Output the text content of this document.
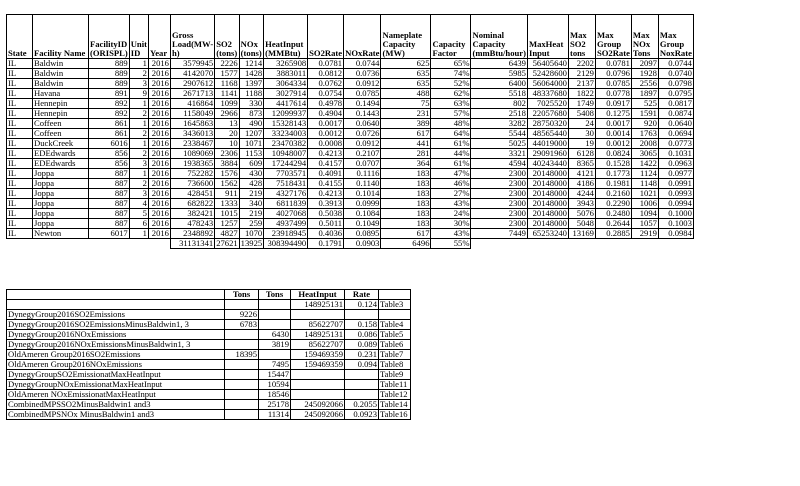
State	Facility Name	FacilityID (ORISPL)	Unit ID	Year	Gross Load(MW-h)	SO2 (tons)	NOx (tons)	HeatInput (MMBtu)	SO2Rate	NOxRate	Nameplate Capacity (MW)	Capacity Factor	Nominal Capacity (mmBtu/hour)	MaxHeat Input	Max SO2 tons	Max Group SO2Rate	Max NOx Tons	Max Group NoxRate
IL	Baldwin	889	1	2016	3579945	2226	1214	3265908	0.0781	0.0744	625	65%	6439	56405640	2202	0.0781	2097	0.0744
IL	Baldwin	889	2	2016	4142070	1577	1428	3883011	0.0812	0.0736	635	74%	5985	52428600	2129	0.0796	1928	0.0740
IL	Baldwin	889	3	2016	2907612	1168	1397	3064334	0.0762	0.0912	635	52%	6400	56064000	2137	0.0785	2556	0.0798
IL	Havana	891	9	2016	2671713	1141	1188	3027914	0.0754	0.0785	488	62%	5518	48337680	1822	0.0778	1897	0.0795
IL	Hennepin	892	1	2016	416864	1099	330	4417614	0.4978	0.1494	75	63%	802	7025520	1749	0.0917	525	0.0817
IL	Hennepin	892	2	2016	1158049	2966	873	12099937	0.4904	0.1443	231	57%	2518	22057680	5408	0.1275	1591	0.0874
IL	Coffeen	861	1	2016	1645863	13	490	15328143	0.0017	0.0640	389	48%	3282	28750320	24	0.0017	920	0.0640
IL	Coffeen	861	2	2016	3436013	20	1207	33234003	0.0012	0.0726	617	64%	5544	48565440	30	0.0014	1763	0.0694
IL	DuckCreek	6016	1	2016	2338467	10	1071	23470382	0.0008	0.0912	441	61%	5025	44019000	19	0.0012	2008	0.0773
IL	EDEdwards	856	2	2016	1089069	2306	1153	10948007	0.4213	0.2107	281	44%	3321	29091960	6128	0.0824	3065	0.1031
IL	EDEdwards	856	3	2016	1938365	3884	609	17244294	0.4157	0.0707	364	61%	4594	40243440	8365	0.1528	1422	0.0963
IL	Joppa	887	1	2016	752282	1576	430	7703571	0.4091	0.1116	183	47%	2300	20148000	4121	0.1773	1124	0.0977
IL	Joppa	887	2	2016	736600	1562	428	7518431	0.4155	0.1140	183	46%	2300	20148000	4186	0.1981	1148	0.0991
IL	Joppa	887	3	2016	428451	911	219	4327176	0.4213	0.1014	183	27%	2300	20148000	4244	0.2160	1021	0.0993
IL	Joppa	887	4	2016	682822	1333	340	6811839	0.3913	0.0999	183	43%	2300	20148000	3943	0.2290	1006	0.0994
IL	Joppa	887	5	2016	382421	1015	219	4027068	0.5038	0.1084	183	24%	2300	20148000	5076	0.2480	1094	0.1000
IL	Joppa	887	6	2016	478243	1257	259	4937499	0.5011	0.1049	183	30%	2300	20148000	5048	0.2644	1057	0.1003
IL	Newton	6017	1	2016	2348892	4827	1070	23918945	0.4036	0.0895	617	43%	7449	65253240	13169	0.2885	2919	0.0984
					31131341	27621	13925	308394490	0.1791	0.0903	6496	55%						
	Tons	Tons	HeatInput	Rate	
			148925131	0.124	Table3
DynegyGroup2016SO2Emissions	9226				
DynegyGroup2016SO2EmissionsMinusBaldwin1, 3	6783		85622707	0.158	Table4
DynegyGroup2016NOxEmissions		6430	148925131	0.086	Table5
DynegyGroup2016NOxEmissionsMinusBaldwin1, 3		3819	85622707	0.089	Table6
OldAmeren Group2016SO2Emissions	18395		159469359	0.231	Table7
OldAmeren Group2016NOxEmissions		7495	159469359	0.094	Table8
DynegyGroupSO2EmissionatMaxHeatInput		15447			Table9
DynegyGroupNOxEmissionatMaxHeatInput		10594			Table11
OldAmeren NOxEmissionatMaxHeatInput		18546			Table12
CombinedMPSSO2MinusBaldwin1 and3		25178	245092066	0.2055	Table14
CombinedMPSNOx MinusBaldwin1 and3		11314	245092066	0.0923	Table16
